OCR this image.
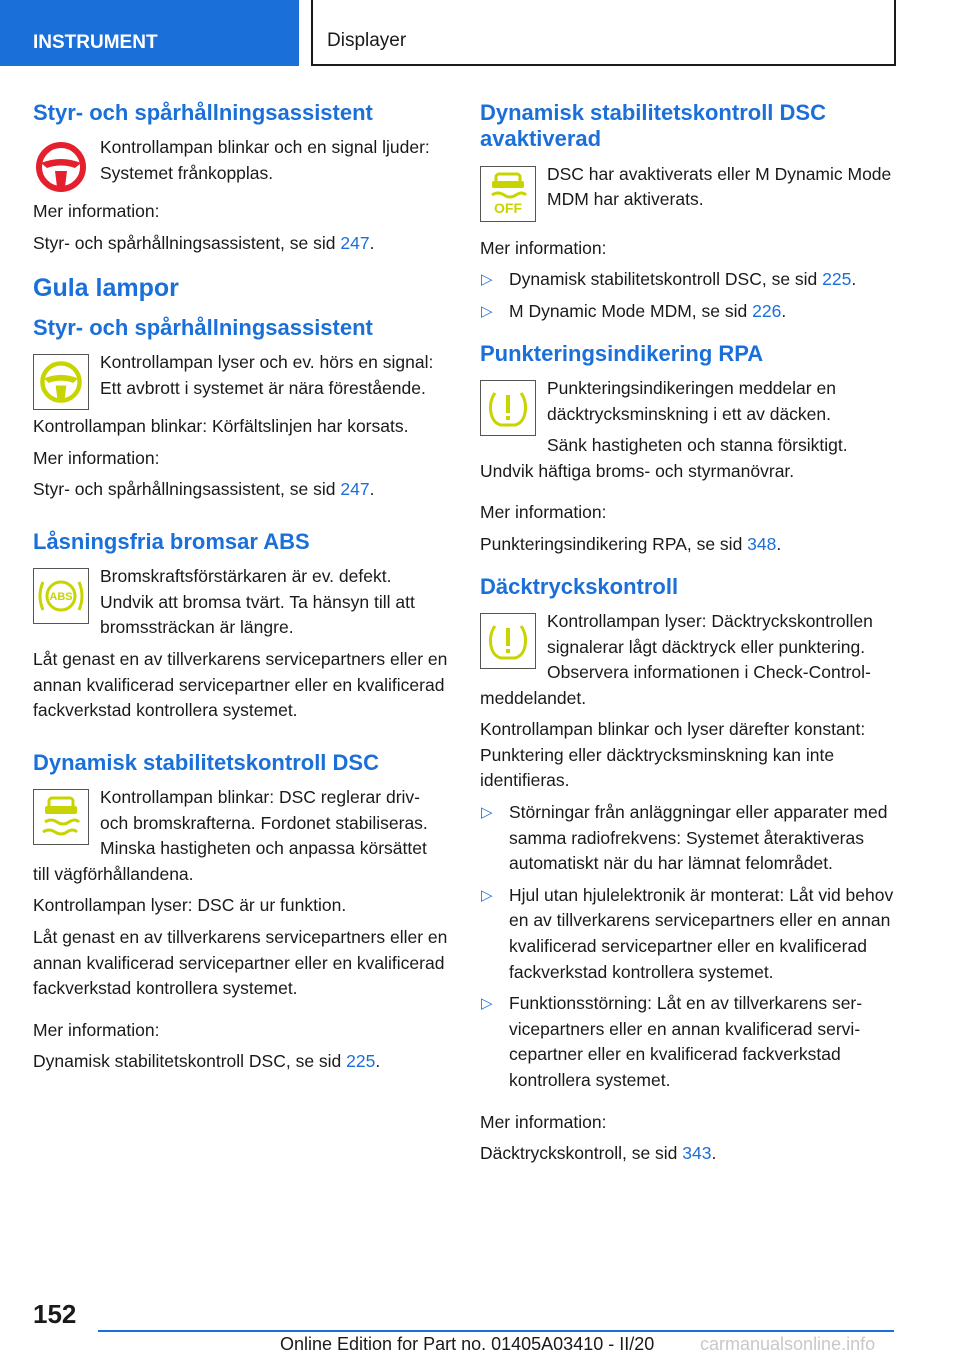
INSTRUMENT	Displayer
Styr- och spårhållningsassistent

Kontrollampan blinkar och en signal ljuder: Systemet frånkopplas.

Mer information:

Styr- och spårhållningsassistent, se sid 247.

Gula lampor
Styr- och spårhållningsassistent

Kontrollampan lyser och ev. hörs en signal: Ett avbrott i systemet är nära förestående.

Kontrollampan blinkar: Körfältslinjen har korsats.

Mer information:

Styr- och spårhållningsassistent, se sid 247.

Låsningsfria bromsar ABS
ABS

Bromskraftsförstärkaren är ev. defekt. Undvik att bromsa tvärt. Ta hänsyn till att bromssträckan är längre.

Låt genast en av tillverkarens servicepartners eller en annan kvalificerad servicepartner eller en kvalificerad fackverkstad kontrollera systemet.

Dynamisk stabilitetskontroll DSC

Kontrollampan blinkar: DSC reglerar driv- och bromskrafterna. Fordonet stabiliseras. Minska hastigheten och anpassa körsättet till vägförhållandena.

Kontrollampan lyser: DSC är ur funktion.

Låt genast en av tillverkarens servicepartners eller en annan kvalificerad servicepartner eller en kvalificerad fackverkstad kontrollera systemet.

Mer information:

Dynamisk stabilitetskontroll DSC, se sid 225.

Dynamisk stabilitetskontroll DSC avaktiverad
OFF

DSC har avaktiverats eller M Dynamic Mode MDM har aktiverats.

Mer information:

▷ Dynamisk stabilitetskontroll DSC, se sid 225.
▷ M Dynamic Mode MDM, se sid 226.
Punkteringsindikering RPA

Punkteringsindikeringen meddelar en däcktrycksminskning i ett av däcken.

Sänk hastigheten och stanna försiktigt. Undvik häftiga broms- och styrmanövrar.

Mer information:

Punkteringsindikering RPA, se sid 348.

Däcktryckskontroll

Kontrollampan lyser: Däcktryckskontrollen signalerar lågt däcktryck eller punktering. Observera informationen i Check-Control-meddelandet.

Kontrollampan blinkar och lyser därefter konstant: Punktering eller däcktrycksminskning kan inte identifieras.

▷ Störningar från anläggningar eller apparater med samma radiofrekvens: Systemet återaktiveras automatiskt när du har lämnat felområdet.
▷ Hjul utan hjulelektronik är monterat: Låt vid behov en av tillverkarens servicepartners eller en annan kvalificerad servicepartner eller en kvalificerad fackverkstad kontrollera systemet.
▷ Funktionsstörning: Låt en av tillverkarens servicepartners eller en annan kvalificerad servicepartner eller en kvalificerad fackverkstad kontrollera systemet.

Mer information:

Däcktryckskontroll, se sid 343.

152
Online Edition for Part no. 01405A03410 - II/20	carmanualsonline.info
